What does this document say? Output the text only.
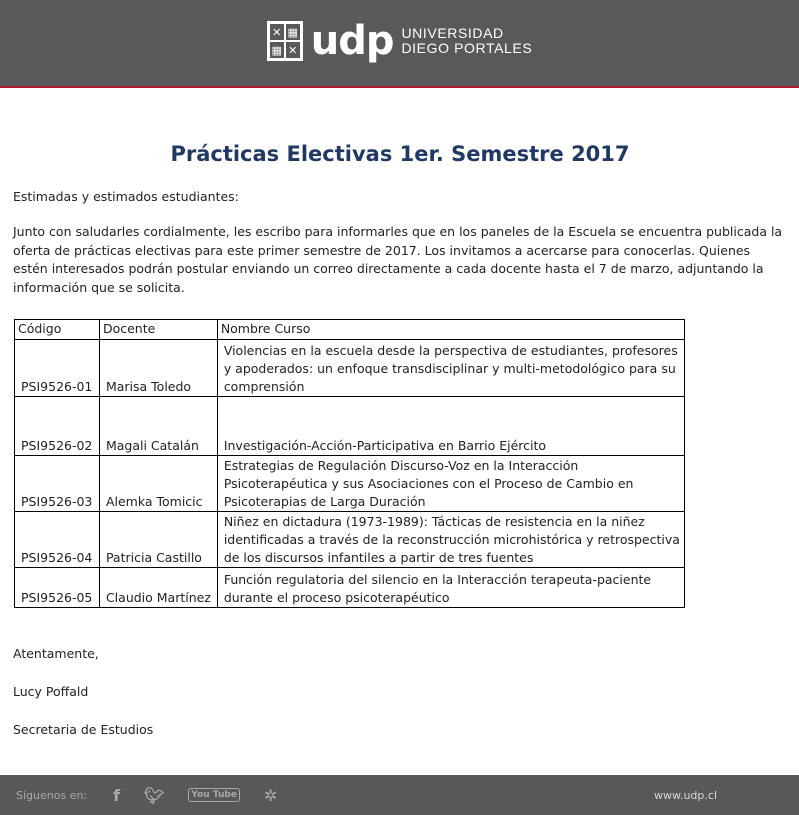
✕ ▦
▦ ✕ udp UNIVERSIDAD
DIEGO PORTALES
Prácticas Electivas 1er. Semestre 2017

Estimadas y estimados estudiantes:

Junto con saludarles cordialmente, les escribo para informarles que en los paneles de la Escuela se encuentra publicada la oferta de prácticas electivas para este primer semestre de 2017. Los invitamos a acercarse para conocerlas. Quienes estén interesados podrán postular enviando un correo directamente a cada docente hasta el 7 de marzo, adjuntando la información que se solicita.

Código	Docente	Nombre Curso
PSI9526-01	Marisa Toledo	Violencias en la escuela desde la perspectiva de estudiantes, profesores y apoderados: un enfoque transdisciplinar y multi-metodológico para su comprensión
PSI9526-02	Magali Catalán	Investigación-Acción-Participativa en Barrio Ejército
PSI9526-03	Alemka Tomicic	Estrategias de Regulación Discurso-Voz en la Interacción Psicoterapéutica y sus Asociaciones con el Proceso de Cambio en Psicoterapias de Larga Duración
PSI9526-04	Patricia Castillo	Niñez en dictadura (1973-1989): Tácticas de resistencia en la niñez identificadas a través de la reconstrucción microhistórica y retrospectiva de los discursos infantiles a partir de tres fuentes
PSI9526-05	Claudio Martínez	Función regulatoria del silencio en la Interacción terapeuta-paciente durante el proceso psicoterapéutico

Atentamente,

Lucy Poffald

Secretaria de Estudios

Síguenos en: f 🐦︎	You Tube ✲	www.udp.cl
